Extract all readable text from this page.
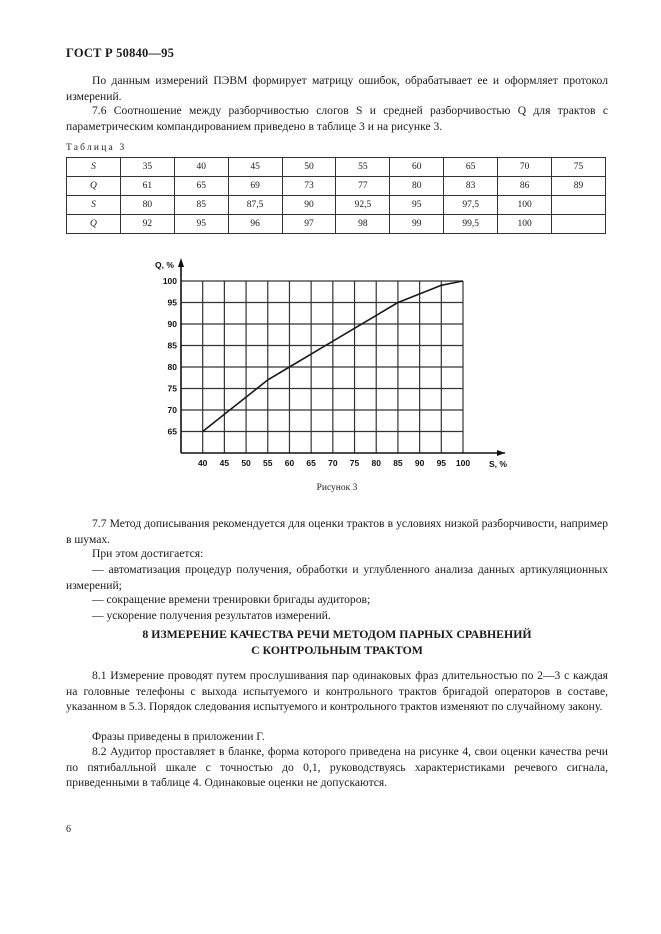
ГОСТ Р 50840—95

По данным измерений ПЭВМ формирует матрицу ошибок, обрабатывает ее и оформляет протокол измерений.

7.6 Соотношение между разборчивостью слогов S и средней разборчивостью Q для трактов с параметрическим компандированием приведено в таблице 3 и на рисунке 3.

Таблица 3
S	35	40	45	50	55	60	65	70	75
Q	61	65	69	73	77	80	83	86	89
S	80	85	87,5	90	92,5	95	97,5	100	
Q	92	95	96	97	98	99	99,5	100	
40 45 50 55 60 65 70 75 80 85 90 95 100
65
70
75
80
85
90
95
100
S, %
Q, %
Рисунок 3

7.7 Метод дописывания рекомендуется для оценки трактов в условиях низкой разборчивости, например в шумах.

При этом достигается:

— автоматизация процедур получения, обработки и углубленного анализа данных артикуляционных измерений;

— сокращение времени тренировки бригады аудиторов;

— ускорение получения результатов измерений.

8 ИЗМЕРЕНИЕ КАЧЕСТВА РЕЧИ МЕТОДОМ ПАРНЫХ СРАВНЕНИЙ
С КОНТРОЛЬНЫМ ТРАКТОМ

8.1 Измерение проводят путем прослушивания пар одинаковых фраз длительностью по 2—3 с каждая на головные телефоны с выхода испытуемого и контрольного трактов бригадой операторов в составе, указанном в 5.3. Порядок следования испытуемого и контрольного трактов изменяют по случайному закону.

Фразы приведены в приложении Г.

8.2 Аудитор проставляет в бланке, форма которого приведена на рисунке 4, свои оценки качества речи по пятибалльной шкале с точностью до 0,1, руководствуясь характеристиками речевого сигнала, приведенными в таблице 4. Одинаковые оценки не допускаются.

6
